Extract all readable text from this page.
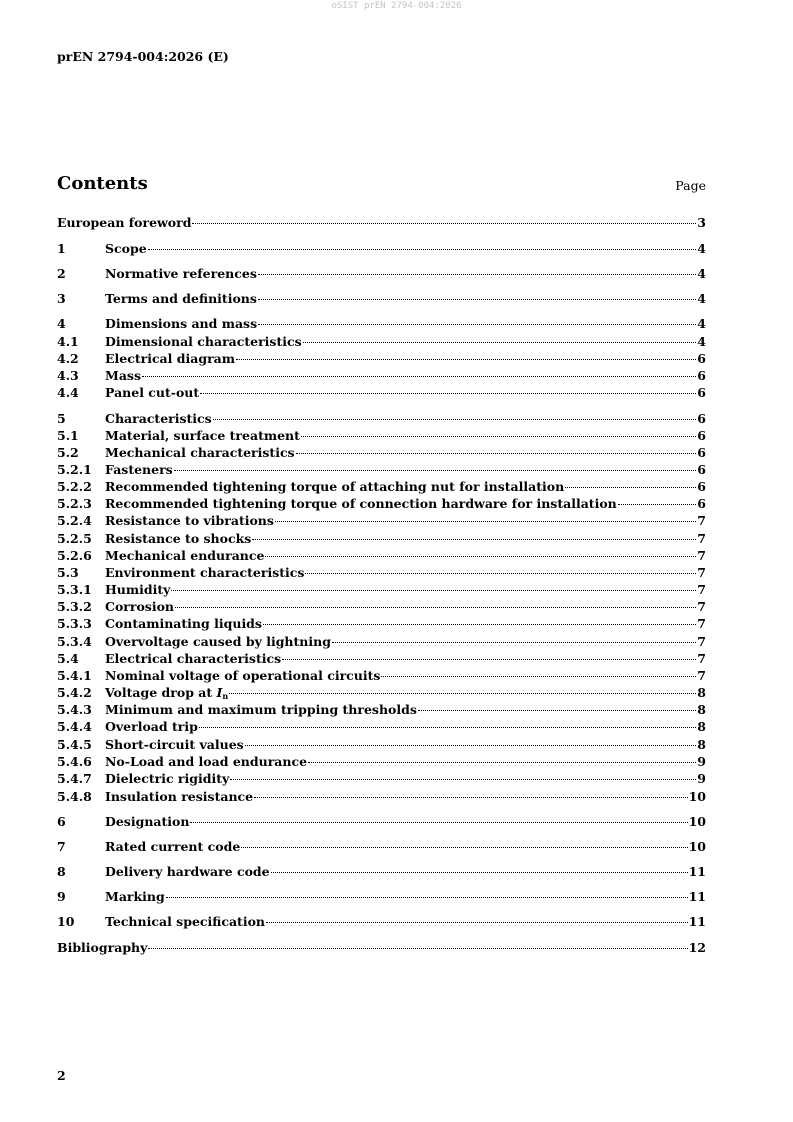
oSIST prEN 2794-004:2026
prEN 2794-004:2026 (E)
Contents	Page
European foreword	3
1	Scope	4
2	Normative references	4
3	Terms and definitions	4
4	Dimensions and mass	4
4.1	Dimensional characteristics	4
4.2	Electrical diagram	6
4.3	Mass	6
4.4	Panel cut-out	6
5	Characteristics	6
5.1	Material, surface treatment	6
5.2	Mechanical characteristics	6
5.2.1	Fasteners	6
5.2.2	Recommended tightening torque of attaching nut for installation	6
5.2.3	Recommended tightening torque of connection hardware for installation	6
5.2.4	Resistance to vibrations	7
5.2.5	Resistance to shocks	7
5.2.6	Mechanical endurance	7
5.3	Environment characteristics	7
5.3.1	Humidity	7
5.3.2	Corrosion	7
5.3.3	Contaminating liquids	7
5.3.4	Overvoltage caused by lightning	7
5.4	Electrical characteristics	7
5.4.1	Nominal voltage of operational circuits	7
5.4.2	Voltage drop at $I_n$	8
5.4.3	Minimum and maximum tripping thresholds	8
5.4.4	Overload trip	8
5.4.5	Short-circuit values	8
5.4.6	No-Load and load endurance	9
5.4.7	Dielectric rigidity	9
5.4.8	Insulation resistance	10
6	Designation	10
7	Rated current code	10
8	Delivery hardware code	11
9	Marking	11
10	Technical specification	11
Bibliography	12
2
